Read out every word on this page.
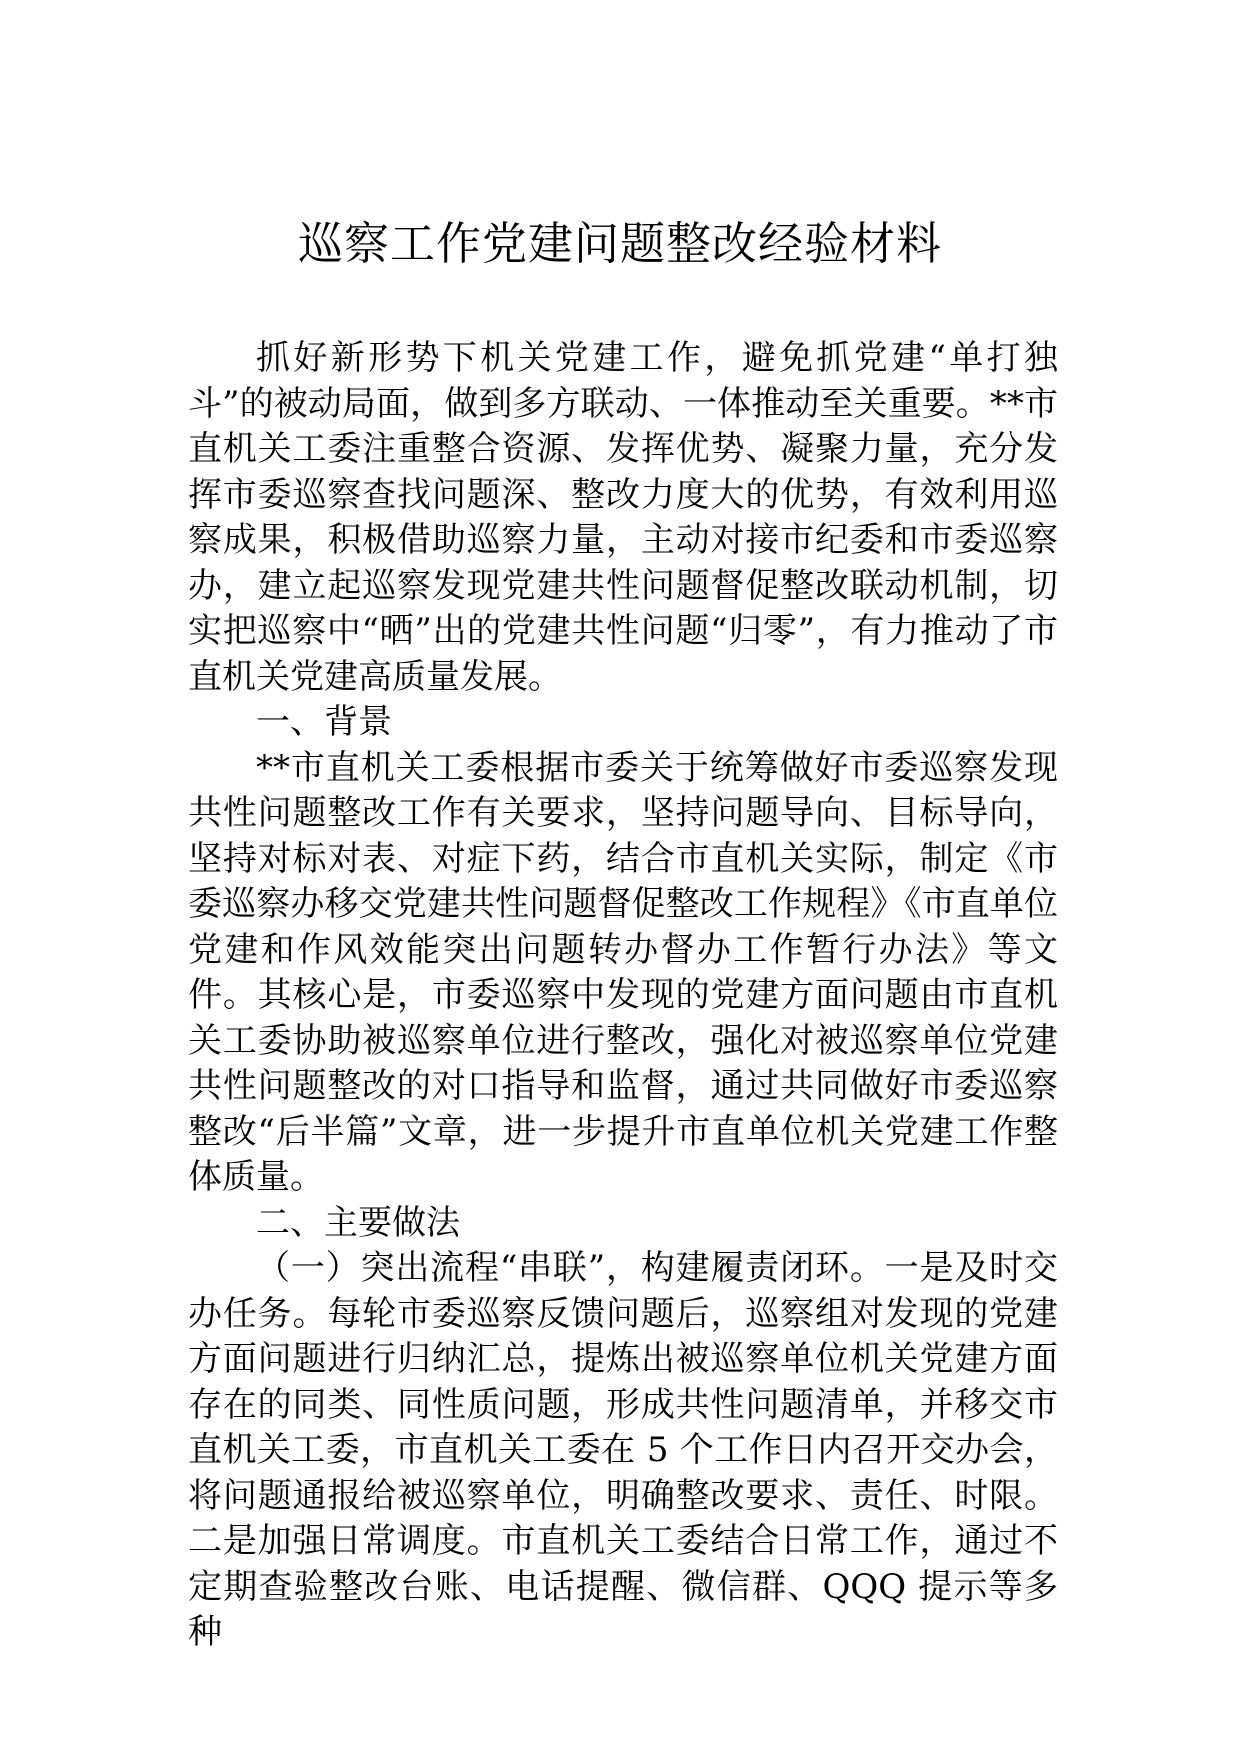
巡察工作党建问题整改经验材料

抓好新形势下机关党建工作，避免抓党建“单打独斗”的被动局面，做到多方联动、一体推动至关重要。**市直机关工委注重整合资源、发挥优势、凝聚力量，充分发挥市委巡察查找问题深、整改力度大的优势，有效利用巡察成果，积极借助巡察力量，主动对接市纪委和市委巡察办，建立起巡察发现党建共性问题督促整改联动机制，切实把巡察中“晒”出的党建共性问题“归零”，有力推动了市直机关党建高质量发展。

一、背景

**市直机关工委根据市委关于统筹做好市委巡察发现共性问题整改工作有关要求，坚持问题导向、目标导向，坚持对标对表、对症下药，结合市直机关实际，制定《市委巡察办移交党建共性问题督促整改工作规程》《市直单位党建和作风效能突出问题转办督办工作暂行办法》等文件。其核心是，市委巡察中发现的党建方面问题由市直机关工委协助被巡察单位进行整改，强化对被巡察单位党建共性问题整改的对口指导和监督，通过共同做好市委巡察整改“后半篇”文章，进一步提升市直单位机关党建工作整体质量。

二、主要做法

（一）突出流程“串联”，构建履责闭环。一是及时交办任务。每轮市委巡察反馈问题后，巡察组对发现的党建方面问题进行归纳汇总，提炼出被巡察单位机关党建方面存在的同类、同性质问题，形成共性问题清单，并移交市直机关工委，市直机关工委在 5 个工作日内召开交办会，将问题通报给被巡察单位，明确整改要求、责任、时限。二是加强日常调度。市直机关工委结合日常工作，通过不定期查验整改台账、电话提醒、微信群、QQQ 提示等多种
